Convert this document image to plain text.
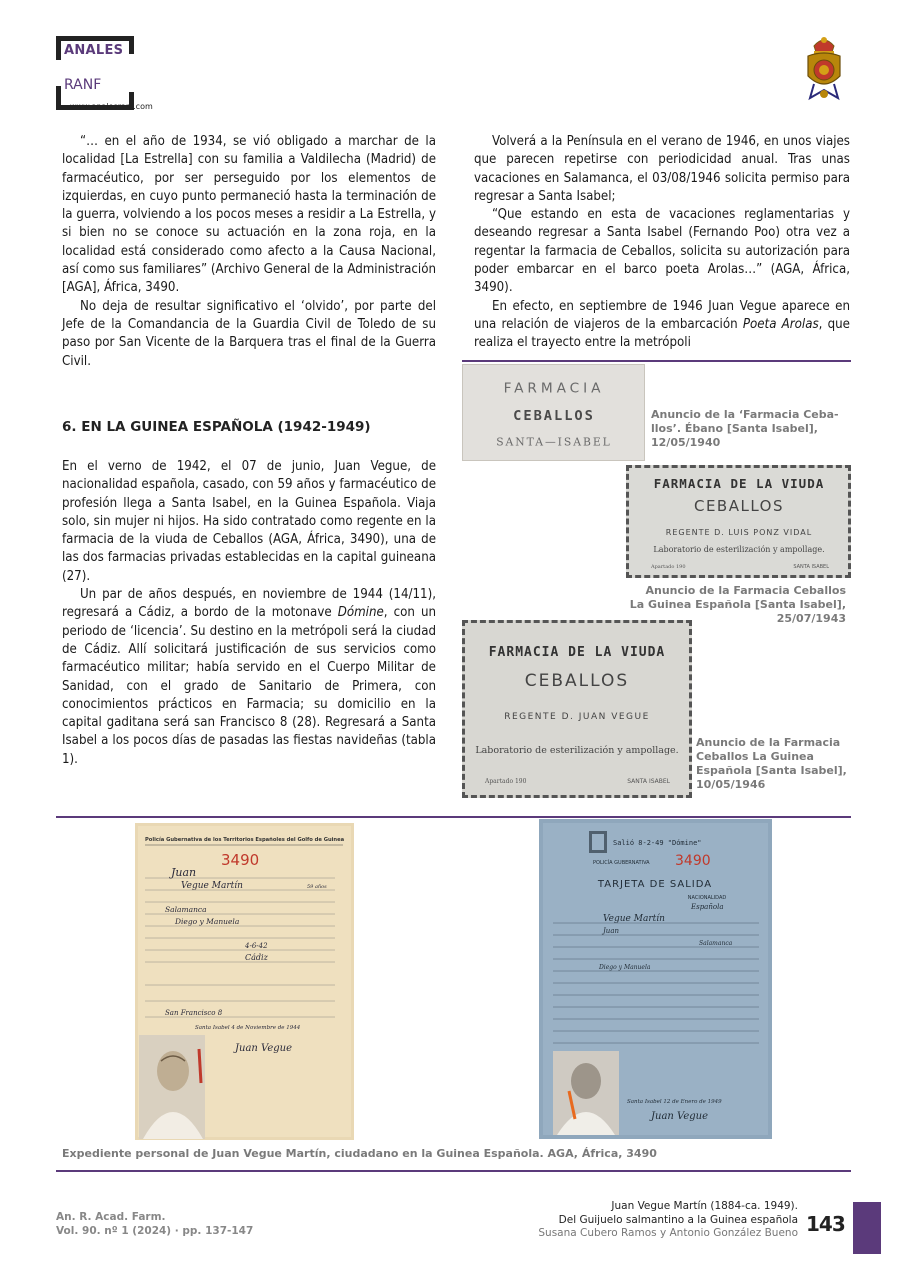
ANALES
RANF
www.analesranf.com

“… en el año de 1934, se vió obligado a marchar de la localidad [La Estrella] con su familia a Valdilecha (Madrid) de farmacéutico, por ser perseguido por los elementos de izquierdas, en cuyo punto permaneció hasta la terminación de la guerra, volviendo a los pocos meses a residir a La Estrella, y si bien no se conoce su actuación en la zona roja, en la localidad está considerado como afecto a la Causa Nacional, así como sus familiares” (Archivo General de la Administración [AGA], África, 3490.

No deja de resultar significativo el ‘olvido’, por parte del Jefe de la Comandancia de la Guardia Civil de Toledo de su paso por San Vicente de la Barquera tras el final de la Guerra Civil.

6. EN LA GUINEA ESPAÑOLA (1942-1949)

En el verno de 1942, el 07 de junio, Juan Vegue, de nacionalidad española, casado, con 59 años y farmacéutico de profesión llega a Santa Isabel, en la Guinea Española. Viaja solo, sin mujer ni hijos. Ha sido contratado como regente en la farmacia de la viuda de Ceballos (AGA, África, 3490), una de las dos farmacias privadas establecidas en la capital guineana (27).

Un par de años después, en noviembre de 1944 (14/11), regresará a Cádiz, a bordo de la motonave Dómine, con un periodo de ‘licencia’. Su destino en la metrópoli será la ciudad de Cádiz. Allí solicitará justificación de sus servicios como farmacéutico militar; había servido en el Cuerpo Militar de Sanidad, con el grado de Sanitario de Primera, con conocimientos prácticos en Farmacia; su domicilio en la capital gaditana será san Francisco 8 (28). Regresará a Santa Isabel a los pocos días de pasadas las fiestas navideñas (tabla 1).

Volverá a la Península en el verano de 1946, en unos viajes que parecen repetirse con periodicidad anual. Tras unas vacaciones en Salamanca, el 03/08/1946 solicita permiso para regresar a Santa Isabel;

“Que estando en esta de vacaciones reglamentarias y deseando regresar a Santa Isabel (Fernando Poo) otra vez a regentar la farmacia de Ceballos, solicita su autorización para poder embarcar en el barco poeta Arolas…” (AGA, África, 3490).

En efecto, en septiembre de 1946 Juan Vegue aparece en una relación de viajeros de la embarcación Poeta Arolas, que realiza el trayecto entre la metrópoli

FARMACIA
CEBALLOS
SANTA—ISABEL
Anuncio de la ‘Farmacia Ceba-llos’. Ébano [Santa Isabel], 12/05/1940
FARMACIA DE LA VIUDA
CEBALLOS
REGENTE D. LUIS PONZ VIDAL
Laboratorio de esterilización y ampollage.
Apartado 190	SANTA ISABEL
Anuncio de la Farmacia Ceballos
La Guinea Española [Santa Isabel], 25/07/1943
FARMACIA DE LA VIUDA
CEBALLOS
REGENTE D. JUAN VEGUE
Laboratorio de esterilización y ampollage.
Apartado 190	SANTA ISABEL
Anuncio de la Farmacia Ceballos La Guinea Española [Santa Isabel], 10/05/1946
Policía Gubernativa de los Territorios Españoles del Golfo de Guinea
3490
Juan
Vegue Martín	59 años
Salamanca
Diego y Manuela
4-6-42
Cádiz
San Francisco 8
Santa Isabel 4 de Noviembre de 1944
Juan Vegue
Salió 8-2-49 "Dómine"
POLICÍA GUBERNATIVA 3490
TARJETA DE SALIDA
NACIONALIDAD
Española
Vegue Martín
Juan
Salamanca
Diego y Manuela
Santa Isabel 12 de Enero de 1949
Juan Vegue
Expediente personal de Juan Vegue Martín, ciudadano en la Guinea Española. AGA, África, 3490
An. R. Acad. Farm.
Vol. 90. nº 1 (2024) · pp. 137-147
Juan Vegue Martín (1884-ca. 1949).
Del Guijuelo salmantino a la Guinea española
Susana Cubero Ramos y Antonio González Bueno 143
